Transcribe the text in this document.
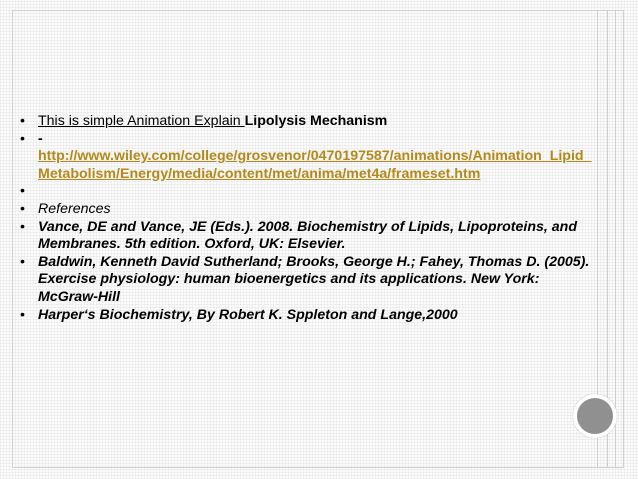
• This is simple Animation Explain Lipolysis Mechanism
• -
http://www.wiley.com/college/grosvenor/0470197587/animations/Animation_Lipid_Metabolism/Energy/media/content/met/anima/met4a/frameset.htm
•
• References
• Vance, DE and Vance, JE (Eds.). 2008. Biochemistry of Lipids, Lipoproteins, and Membranes. 5th edition. Oxford, UK: Elsevier.
• Baldwin, Kenneth David Sutherland; Brooks, George H.; Fahey, Thomas D. (2005). Exercise physiology: human bioenergetics and its applications. New York: McGraw-Hill
• Harper‘s Biochemistry, By Robert K. Sppleton and Lange,2000
